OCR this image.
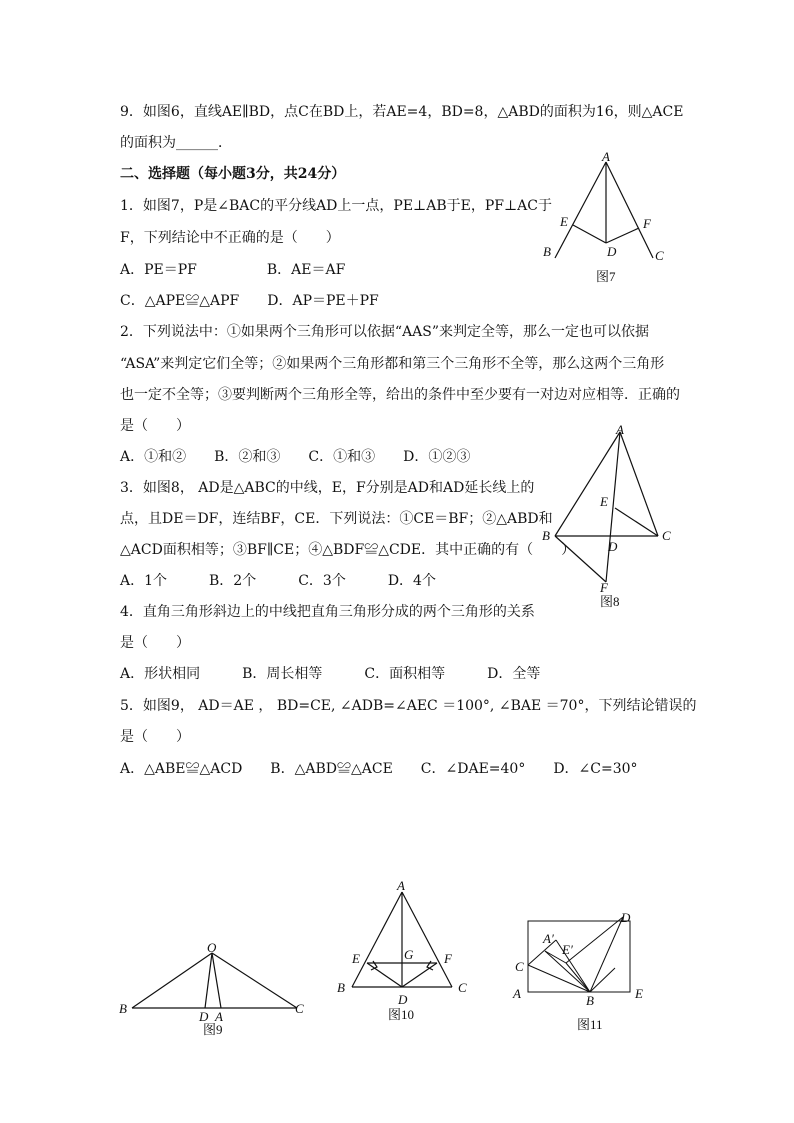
9．如图6，直线AE∥BD，点C在BD上，若AE=4，BD=8，△ABD的面积为16，则△ACE
的面积为______．
二、选择题（每小题3分，共24分）
1．如图7，P是∠BAC的平分线AD上一点，PE⊥AB于E，PF⊥AC于
F，下列结论中不正确的是（　　）
A．PE＝PF　　　　　B．AE＝AF
C．△APE≌△APF　　D．AP＝PE＋PF
2．下列说法中：①如果两个三角形可以依据“AAS”来判定全等，那么一定也可以依据
“ASA”来判定它们全等；②如果两个三角形都和第三个三角形不全等，那么这两个三角形
也一定不全等；③要判断两个三角形全等，给出的条件中至少要有一对边对应相等．正确的
是（　　）
A．①和②　　B．②和③　　C．①和③　　D．①②③
3．如图8， AD是△ABC的中线，E，F分别是AD和AD延长线上的
点，且DE＝DF，连结BF，CE．下列说法：①CE＝BF；②△ABD和
△ACD面积相等；③BF∥CE；④△BDF≌△CDE．其中正确的有（　　）
A．1个　　　B．2个　　　C．3个　　　D．4个
4．直角三角形斜边上的中线把直角三角形分成的两个三角形的关系
是（　　）
A．形状相同　　　B．周长相等　　　C．面积相等　　　D．全等
5．如图9， AD＝AE ， BD=CE, ∠ADB=∠AEC ＝100°, ∠BAE ＝70°，下列结论错误的
是（　　）
A．△ABE≌△ACD　　B．△ABD≌△ACE　　C．∠DAE=40°　　D．∠C=30°
A
B	C
D
E	F
图7
A
B	C
D
E
F
图8
O
B	C
D A
图9
A
B	C
D
E	F
G
图10
A	B
C
D
E
A′
E′
图11
